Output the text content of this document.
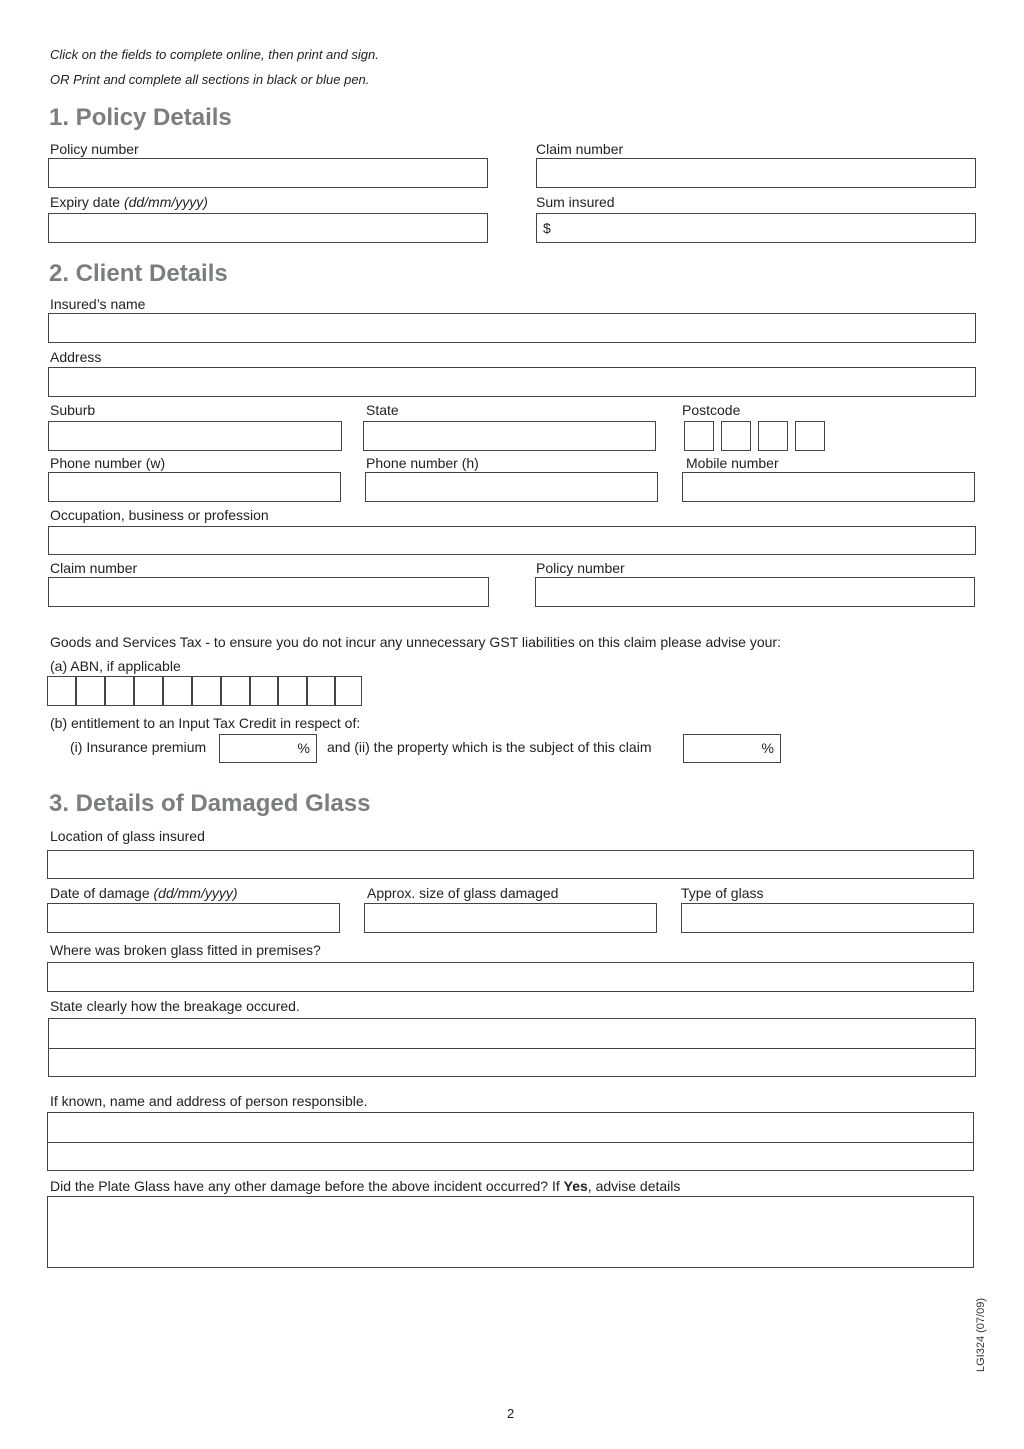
Click on the fields to complete online, then print and sign.
OR Print and complete all sections in black or blue pen.
1. Policy Details
Policy number	Claim number
Expiry date (dd/mm/yyyy)	Sum insured
$
2. Client Details
Insured’s name
Address
Suburb	State	Postcode
Phone number (w)	Phone number (h)	Mobile number
Occupation, business or profession
Claim number	Policy number
Goods and Services Tax - to ensure you do not incur any unnecessary GST liabilities on this claim please advise your:
(a) ABN, if applicable
(b) entitlement to an Input Tax Credit in respect of:
(i) Insurance premium	% and (ii) the property which is the subject of this claim	%
3. Details of Damaged Glass
Location of glass insured
Date of damage (dd/mm/yyyy)	Approx. size of glass damaged	Type of glass
Where was broken glass fitted in premises?
State clearly how the breakage occured.
If known, name and address of person responsible.
Did the Plate Glass have any other damage before the above incident occurred? If Yes, advise details
LGI324 (07/09)
2
